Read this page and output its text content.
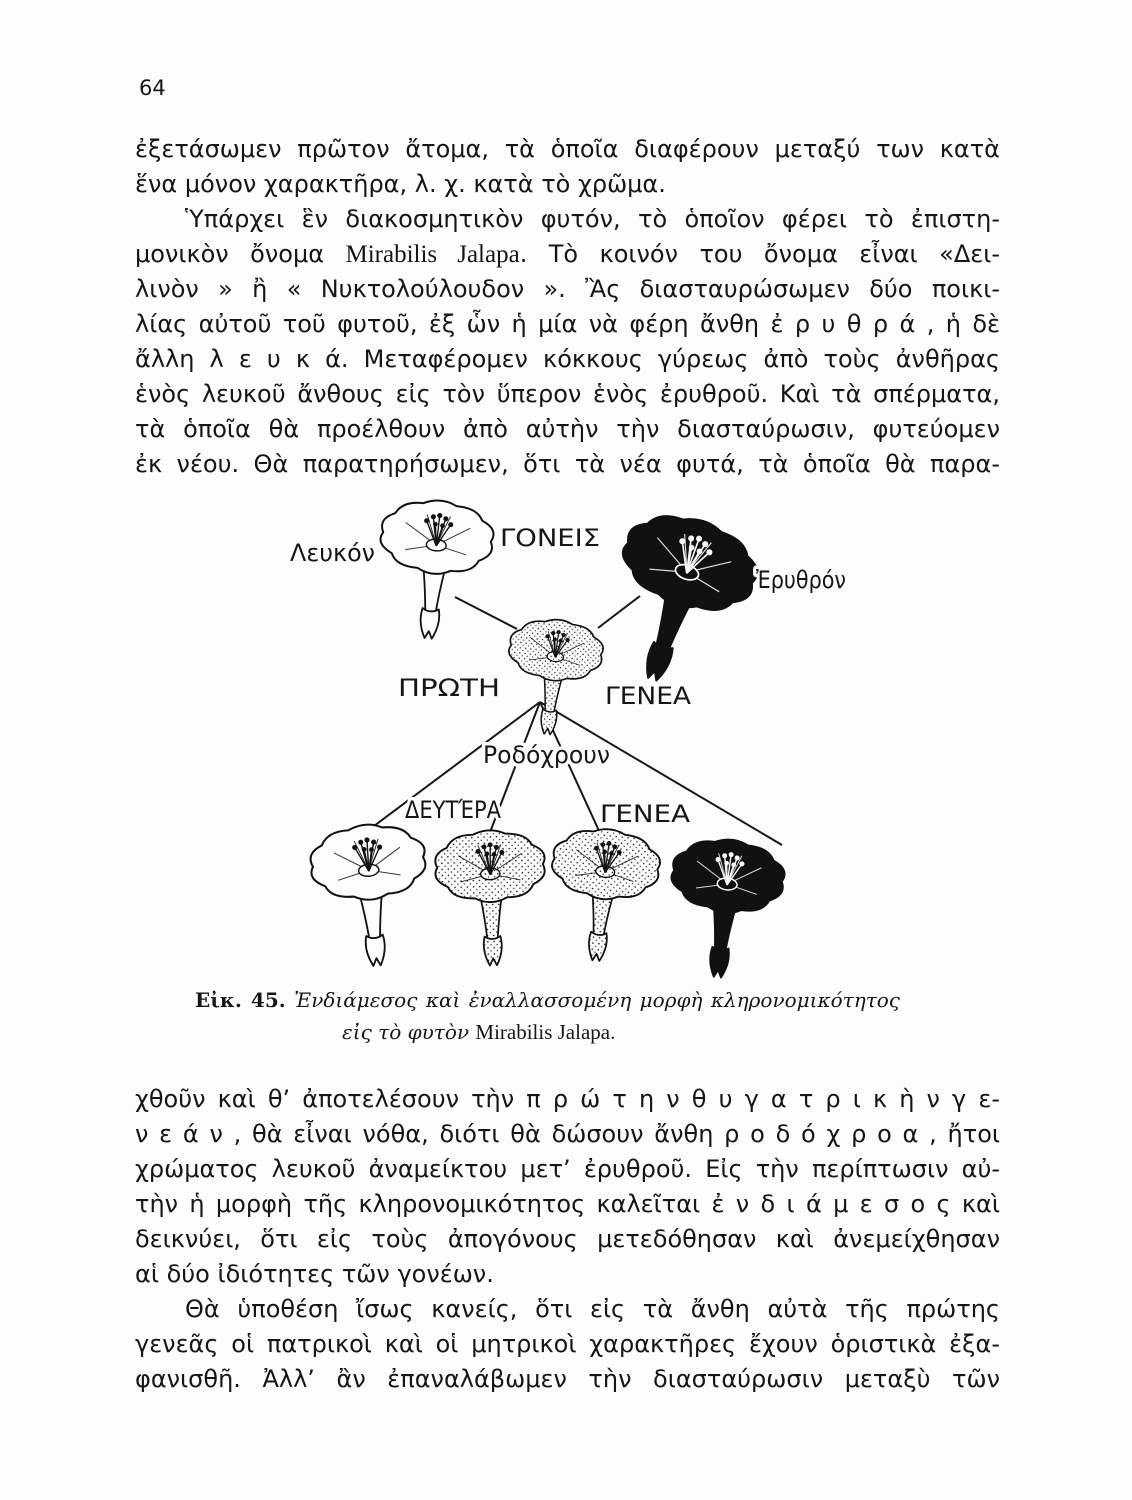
64
ἐξετάσωμεν πρῶτον ἄτομα, τὰ ὁποῖα διαφέρουν μεταξύ των κατὰ
ἕνα μόνον χαρακτῆρα, λ. χ. κατὰ τὸ χρῶμα.
Ὑπάρχει ἓν διακοσμητικὸν φυτόν, τὸ ὁποῖον φέρει τὸ ἐπιστη-
μονικὸν ὄνομα Mirabilis Jalapa. Τὸ κοινόν του ὄνομα εἶναι «Δει-
λινὸν » ἢ « Νυκτολούλουδον ». Ἂς διασταυρώσωμεν δύο ποικι-
λίας αὐτοῦ τοῦ φυτοῦ, ἐξ ὧν ἡ μία νὰ φέρη ἄνθη ἐ ρ υ θ ρ ά , ἡ δὲ
ἄλλη λ ε υ κ ά. Μεταφέρομεν κόκκους γύρεως ἀπὸ τοὺς ἀνθῆρας
ἑνὸς λευκοῦ ἄνθους εἰς τὸν ὕπερον ἑνὸς ἐρυθροῦ. Καὶ τὰ σπέρματα,
τὰ ὁποῖα θὰ προέλθουν ἀπὸ αὐτὴν τὴν διασταύρωσιν, φυτεύομεν
ἐκ νέου. Θὰ παρατηρήσωμεν, ὅτι τὰ νέα φυτά, τὰ ὁποῖα θὰ παρα-
Λευκόν
ΓΟΝΕΙΣ
Ἐρυθρόν
ΠΡΩΤΗ	ΓΕΝΕΑ
Ροδόχρουν
ΔΕΥΤΈΡΑ	ΓΕΝΕΑ
Εἰκ. 45. Ἐνδιάμεσος καὶ ἐναλλασσομένη μορφὴ κληρονομικότητος
εἰς τὸ φυτὸν Mirabilis Jalapa.
χθοῦν καὶ θ’ ἀποτελέσουν τὴν π ρ ώ τ η ν θ υ γ α τ ρ ι κ ὴ ν γ ε-
ν ε ά ν , θὰ εἶναι νόθα, διότι θὰ δώσουν ἄνθη ρ ο δ ό χ ρ ο α , ἤτοι
χρώματος λευκοῦ ἀναμείκτου μετ’ ἐρυθροῦ. Εἰς τὴν περίπτωσιν αὐ-
τὴν ἡ μορφὴ τῆς κληρονομικότητος καλεῖται ἐ ν δ ι ά μ ε σ ο ς καὶ
δεικνύει, ὅτι εἰς τοὺς ἀπογόνους μετεδόθησαν καὶ ἀνεμείχθησαν
αἱ δύο ἰδιότητες τῶν γονέων.
Θὰ ὑποθέση ἴσως κανείς, ὅτι εἰς τὰ ἄνθη αὐτὰ τῆς πρώτης
γενεᾶς οἱ πατρικοὶ καὶ οἱ μητρικοὶ χαρακτῆρες ἔχουν ὁριστικὰ ἐξα-
φανισθῆ. Ἀλλ’ ἂν ἐπαναλάβωμεν τὴν διασταύρωσιν μεταξὺ τῶν
